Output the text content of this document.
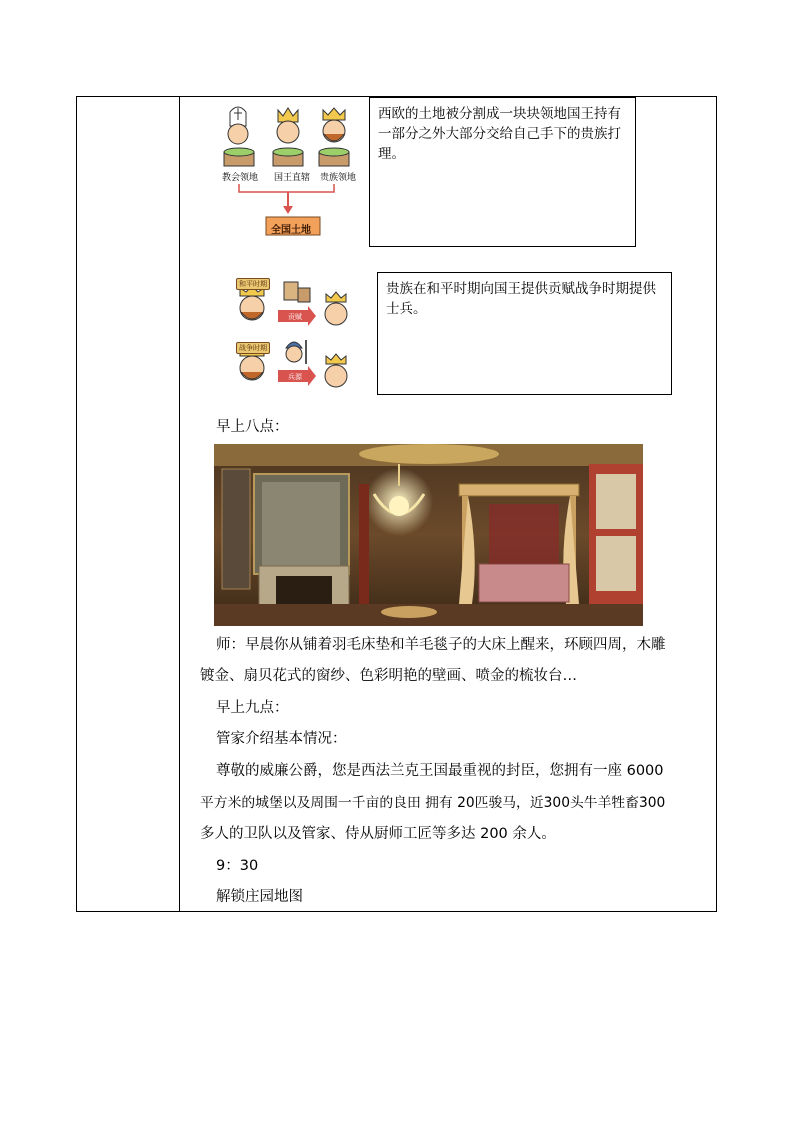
教会领地 国王直辖 贵族领地
全国土地
西欧的土地被分割成一块块领地国王持有一部分之外大部分交给自己手下的贵族打理。
和平时期
战争时期
贡赋
兵源
贵族在和平时期向国王提供贡赋战争时期提供士兵。
早上八点：
师：早晨你从铺着羽毛床垫和羊毛毯子的大床上醒来，环顾四周，木雕
镀金、扇贝花式的窗纱、色彩明艳的壁画、喷金的梳妆台…
早上九点：
管家介绍基本情况：
尊敬的威廉公爵，您是西法兰克王国最重视的封臣，您拥有一座 6000
平方米的城堡以及周围一千亩的良田 拥有 20匹骏马，近300头牛羊牲畜300
多人的卫队以及管家、侍从厨师工匠等多达 200 余人。
9：30
解锁庄园地图
